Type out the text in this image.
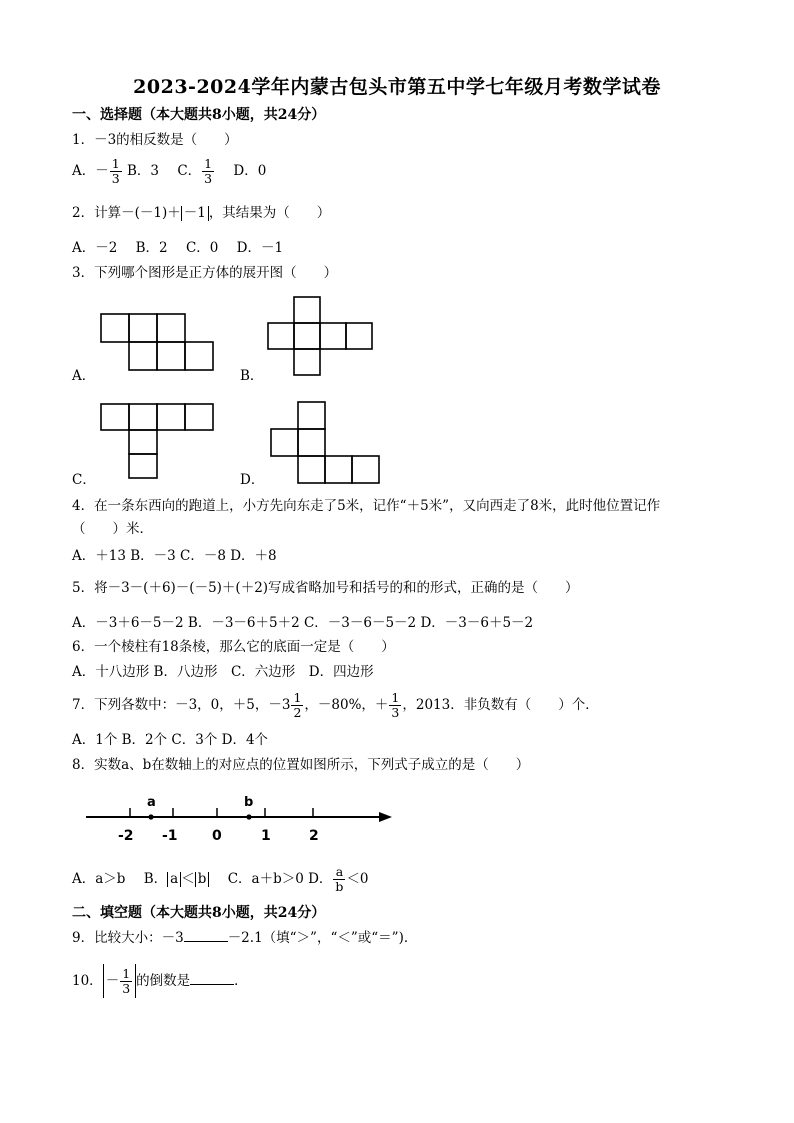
2023-2024学年内蒙古包头市第五中学七年级月考数学试卷
一、选择题（本大题共8小题，共24分）
1．－3的相反数是（　　）
A．－ $\frac{1}{3}$ B．3 C． $\frac{1}{3}$ D．0
2．计算－(－1)＋ －1 ，其结果为（　　）
A．－2 B．2 C．0 D．－1
3．下列哪个图形是正方体的展开图（　　）
A．	B．
C．	D．
4．在一条东西向的跑道上，小方先向东走了5米，记作“＋5米”，又向西走了8米，此时他位置记作
（　　）米．
A．＋13 B．－3 C．－8 D．＋8
5．将－3－(＋6)－(－5)＋(＋2)写成省略加号和括号的和的形式，正确的是（　　）
A．－3＋6－5－2 B．－3－6＋5＋2 C．－3－6－5－2 D．－3－6＋5－2
6．一个棱柱有18条棱，那么它的底面一定是（　　）
A．十八边形 B．八边形　C．六边形　D．四边形
7．下列各数中：－3，0，＋5，$-3 \frac{1}{2}$ ，－80%，＋ $\frac{1}{3}$ ，2013．非负数有（　　）个．
A．1个 B．2个 C．3个 D．4个
8．实数a、b在数轴上的对应点的位置如图所示，下列式子成立的是（　　）
a	b
-2 -1 0	1	2
A．a＞b B． a ＜ b C．a＋b＞0 D． $\frac{a}{b} <0$
二、填空题（本大题共8小题，共24分）
9．比较大小：－3	－2.1（填“＞”，“＜”或“＝”)．
10． － $\frac{1}{3}$ 的倒数是	．
